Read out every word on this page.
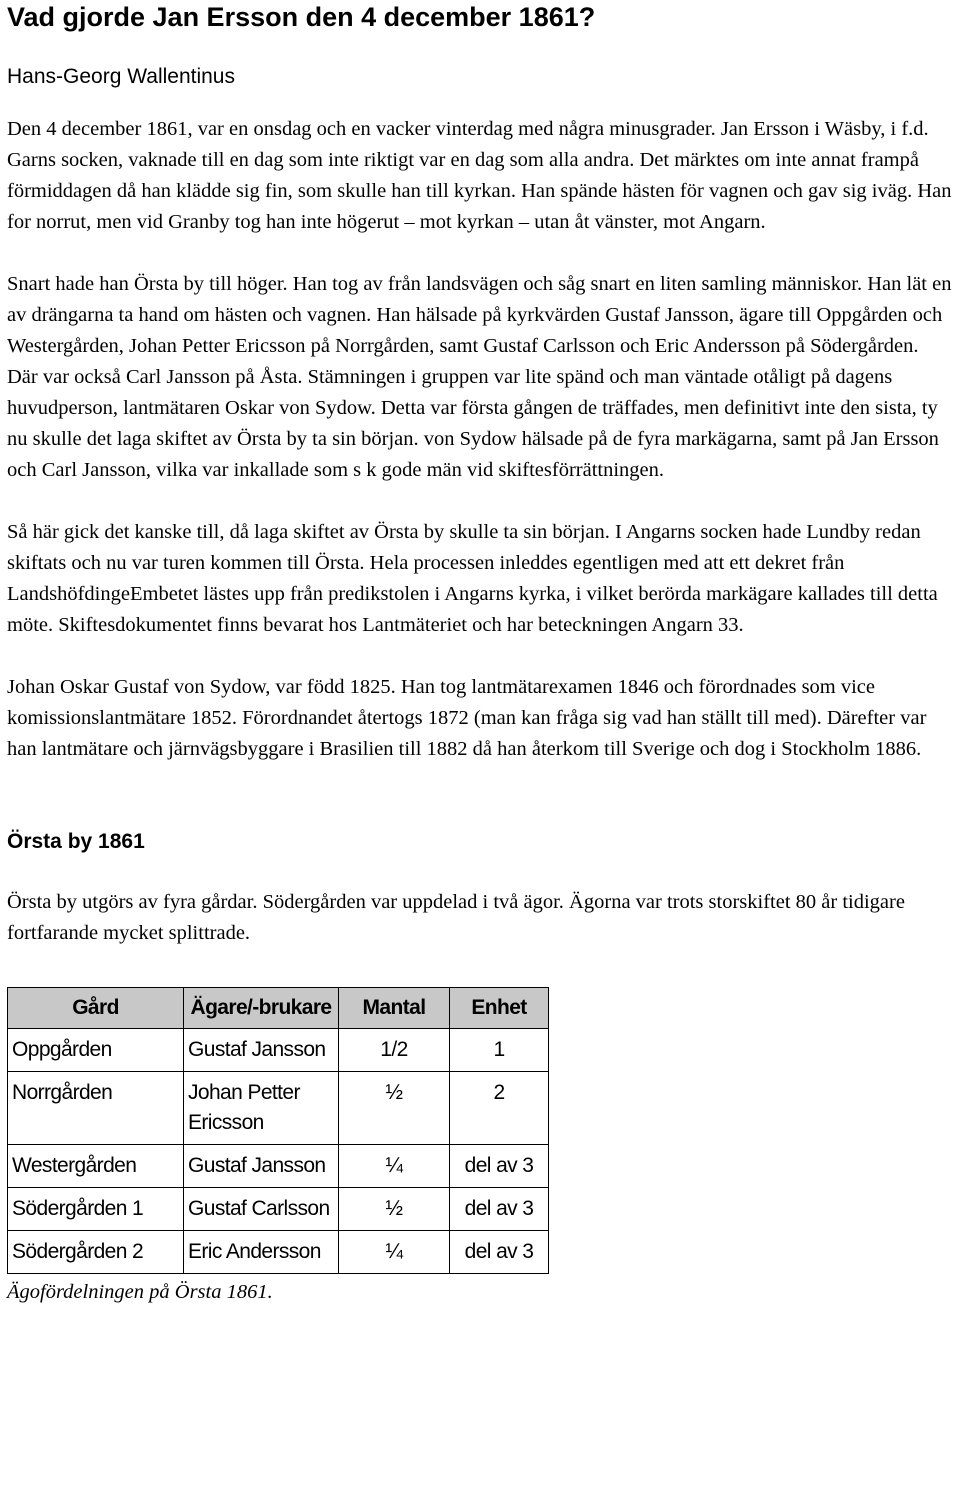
Vad gjorde Jan Ersson den 4 december 1861?
Hans-Georg Wallentinus

Den 4 december 1861, var en onsdag och en vacker vinterdag med några minusgrader. Jan Ersson i Wäsby, i f.d. Garns socken, vaknade till en dag som inte riktigt var en dag som alla andra. Det märktes om inte annat frampå förmiddagen då han klädde sig fin, som skulle han till kyrkan. Han spände hästen för vagnen och gav sig iväg. Han for norrut, men vid Granby tog han inte högerut – mot kyrkan – utan åt vänster, mot Angarn.

Snart hade han Örsta by till höger. Han tog av från landsvägen och såg snart en liten samling människor. Han lät en av drängarna ta hand om hästen och vagnen. Han hälsade på kyrkvärden Gustaf Jansson, ägare till Oppgården och Westergården, Johan Petter Ericsson på Norrgården, samt Gustaf Carlsson och Eric Andersson på Södergården. Där var också Carl Jansson på Åsta. Stämningen i gruppen var lite spänd och man väntade otåligt på dagens huvudperson, lantmätaren Oskar von Sydow. Detta var första gången de träffades, men definitivt inte den sista, ty nu skulle det laga skiftet av Örsta by ta sin början. von Sydow hälsade på de fyra markägarna, samt på Jan Ersson och Carl Jansson, vilka var inkallade som s k gode män vid skiftesförrättningen.

Så här gick det kanske till, då laga skiftet av Örsta by skulle ta sin början. I Angarns socken hade Lundby redan skiftats och nu var turen kommen till Örsta. Hela processen inleddes egentligen med att ett dekret från LandshöfdingeEmbetet lästes upp från predikstolen i Angarns kyrka, i vilket berörda markägare kallades till detta möte. Skiftesdokumentet finns bevarat hos Lantmäteriet och har beteckningen Angarn 33.

Johan Oskar Gustaf von Sydow, var född 1825. Han tog lantmätarexamen 1846 och förordnades som vice komissionslantmätare 1852. Förordnandet återtogs 1872 (man kan fråga sig vad han ställt till med). Därefter var han lantmätare och järnvägsbyggare i Brasilien till 1882 då han återkom till Sverige och dog i Stockholm 1886.

Örsta by 1861

Örsta by utgörs av fyra gårdar. Södergården var uppdelad i två ägor. Ägorna var trots storskiftet 80 år tidigare fortfarande mycket splittrade.

Gård	Ägare/-brukare	Mantal	Enhet
Oppgården	Gustaf Jansson	1/2	1
Norrgården	Johan Petter Ericsson	½	2
Westergården	Gustaf Jansson	¼	del av 3
Södergården 1	Gustaf Carlsson	½	del av 3
Södergården 2	Eric Andersson	¼	del av 3
Ägofördelningen på Örsta 1861.
